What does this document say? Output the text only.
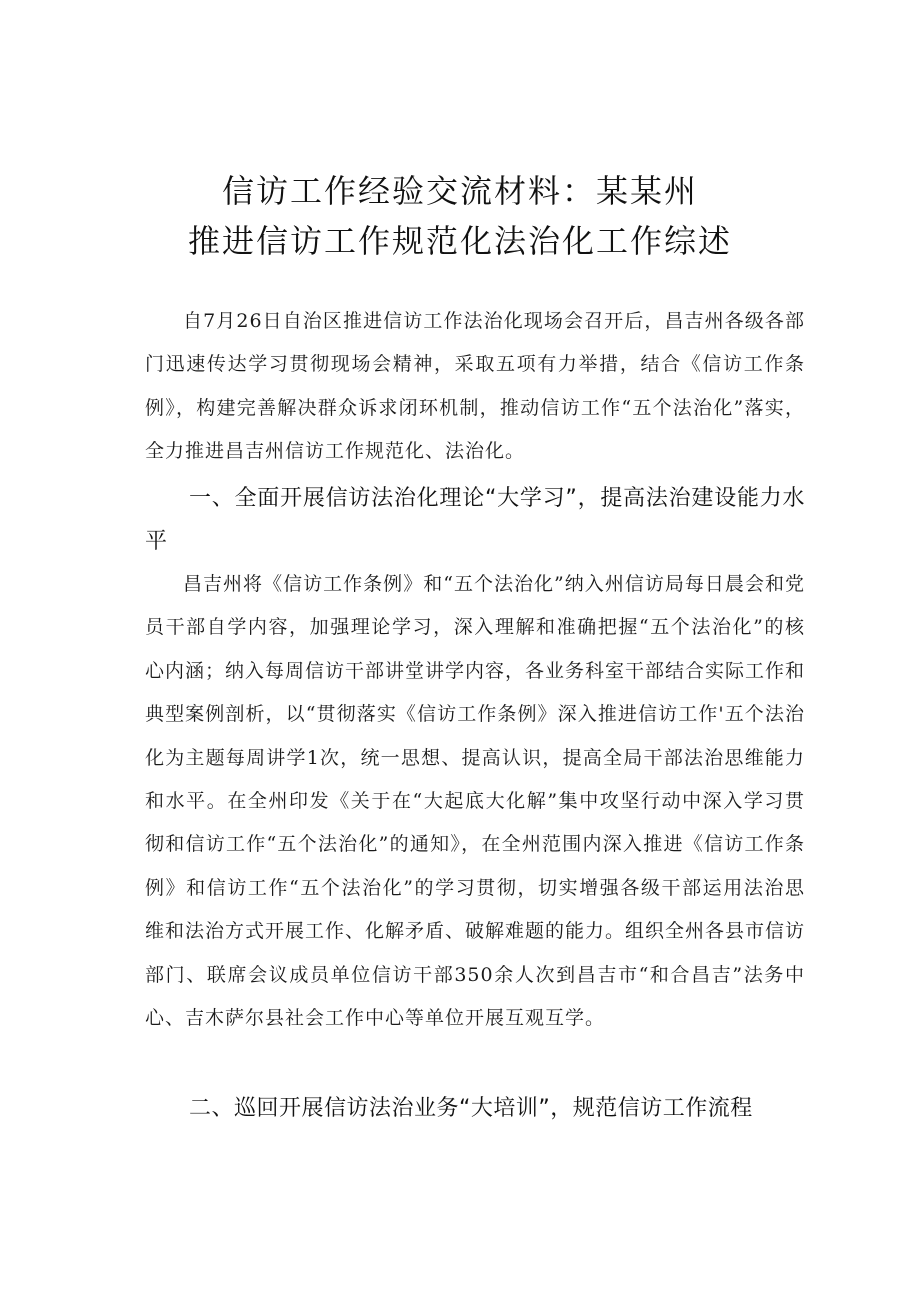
信访工作经验交流材料：某某州
推进信访工作规范化法治化工作综述

自7月26日自治区推进信访工作法治化现场会召开后，昌吉州各级各部门迅速传达学习贯彻现场会精神，采取五项有力举措，结合《信访工作条例》，构建完善解决群众诉求闭环机制，推动信访工作“五个法治化”落实，全力推进昌吉州信访工作规范化、法治化。

一、全面开展信访法治化理论“大学习”，提高法治建设能力水平

昌吉州将《信访工作条例》和“五个法治化”纳入州信访局每日晨会和党员干部自学内容，加强理论学习，深入理解和准确把握“五个法治化”的核心内涵；纳入每周信访干部讲堂讲学内容，各业务科室干部结合实际工作和典型案例剖析，以“贯彻落实《信访工作条例》深入推进信访工作'五个法治化为主题每周讲学1次，统一思想、提高认识，提高全局干部法治思维能力和水平。在全州印发《关于在“大起底大化解”集中攻坚行动中深入学习贯彻和信访工作“五个法治化”的通知》，在全州范围内深入推进《信访工作条例》和信访工作“五个法治化”的学习贯彻，切实增强各级干部运用法治思维和法治方式开展工作、化解矛盾、破解难题的能力。组织全州各县市信访部门、联席会议成员单位信访干部350余人次到昌吉市“和合昌吉”法务中心、吉木萨尔县社会工作中心等单位开展互观互学。

二、巡回开展信访法治业务“大培训”，规范信访工作流程
